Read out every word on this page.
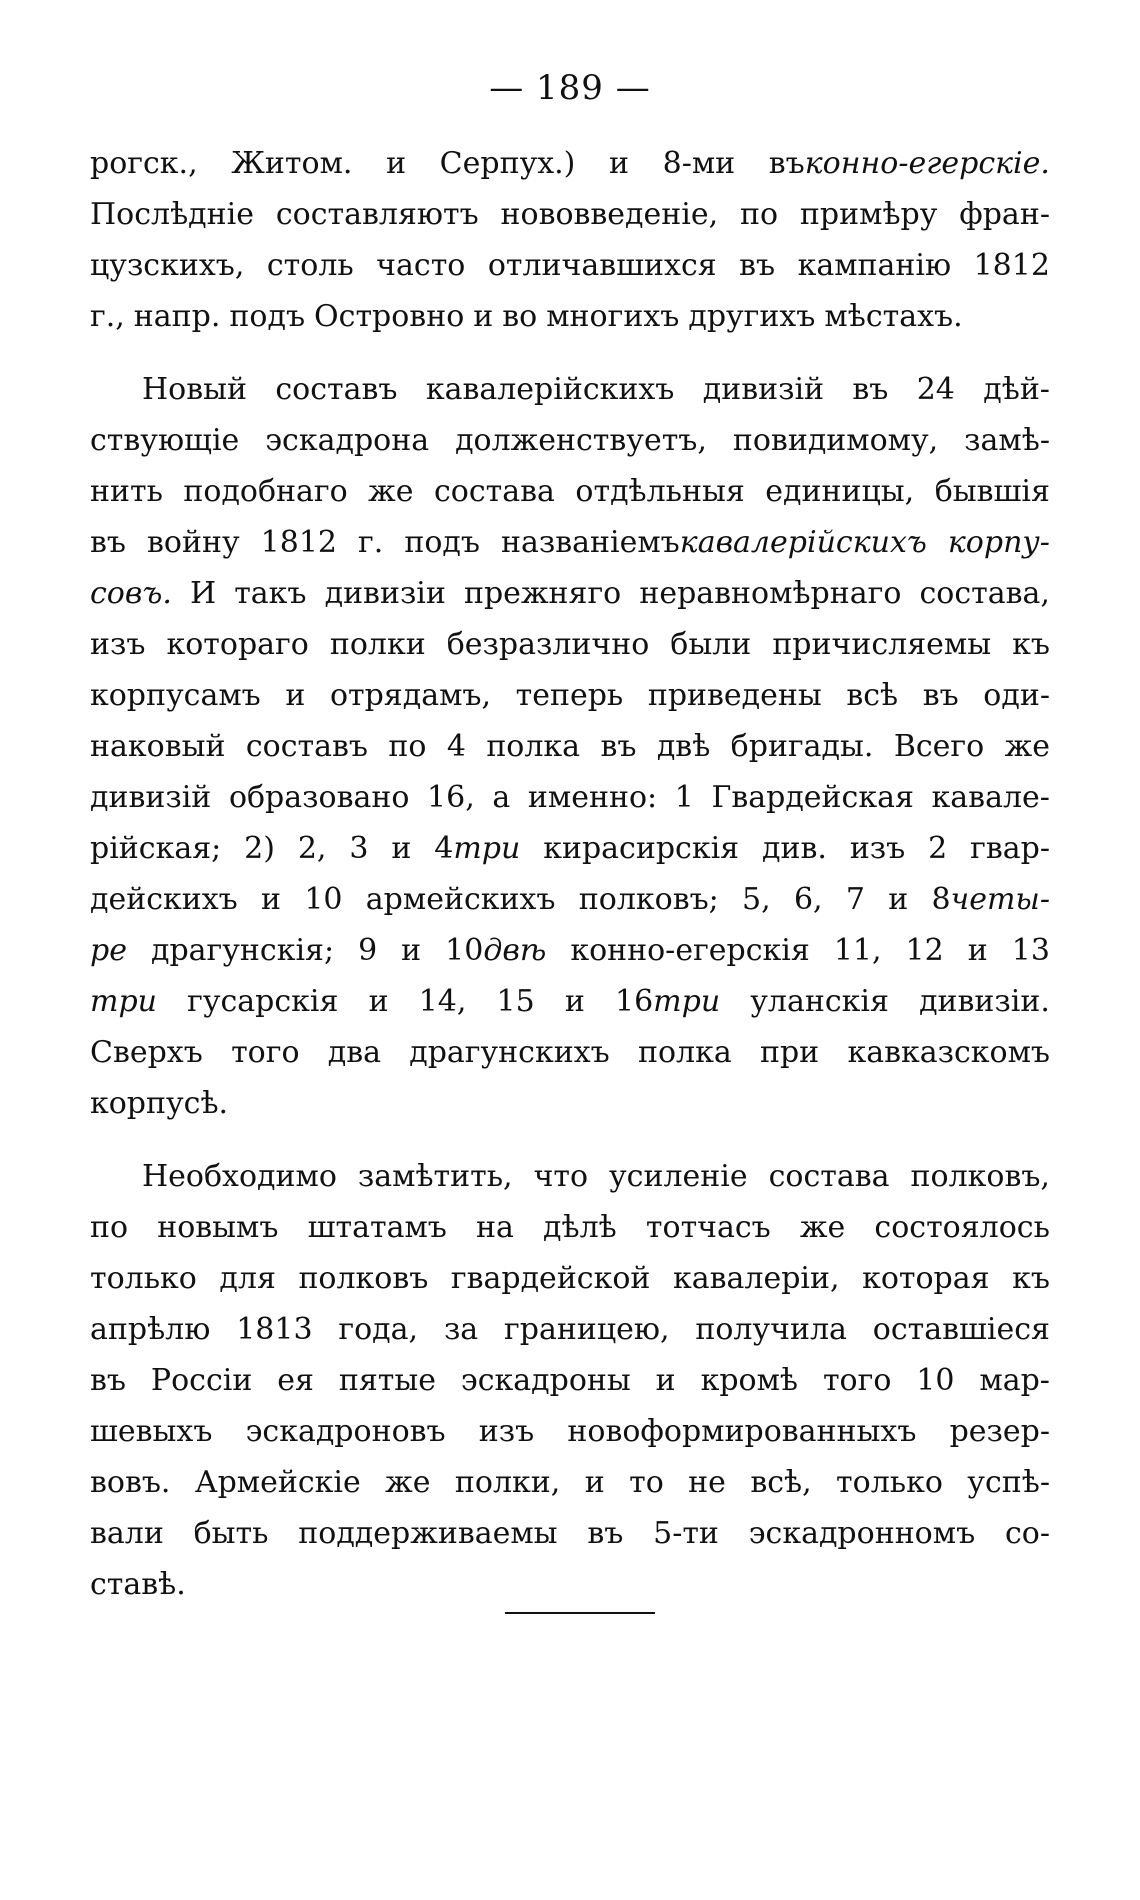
— 189 —
рогск., Житом. и Серпух.) и 8-ми въконно-егерскіе.
Послѣдніе составляютъ нововведеніе, по примѣру фран-
цузскихъ, столь часто отличавшихся въ кампанію 1812
г., напр. подъ Островно и во многихъ другихъ мѣстахъ.
Новый составъ кавалерійскихъ дивизій въ 24 дѣй-
ствующіе эскадрона долженствуетъ, повидимому, замѣ-
нить подобнаго же состава отдѣльныя единицы, бывшія
въ войну 1812 г. подъ названіемъкавалерійскихъ корпу-
совъ. И такъ дивизіи прежняго неравномѣрнаго состава,
изъ котораго полки безразлично были причисляемы къ
корпусамъ и отрядамъ, теперь приведены всѣ въ оди-
наковый составъ по 4 полка въ двѣ бригады. Всего же
дивизій образовано 16, а именно: 1 Гвардейская кавале-
рійская; 2) 2, 3 и 4три кирасирскія див. изъ 2 гвар-
дейскихъ и 10 армейскихъ полковъ; 5, 6, 7 и 8четы-
ре драгунскія; 9 и 10двѣ конно-егерскія 11, 12 и 13
три гусарскія и 14, 15 и 16три уланскія дивизіи.
Сверхъ того два драгунскихъ полка при кавказскомъ
корпусѣ.
Необходимо замѣтить, что усиленіе состава полковъ,
по новымъ штатамъ на дѣлѣ тотчасъ же состоялось
только для полковъ гвардейской кавалеріи, которая къ
апрѣлю 1813 года, за границею, получила оставшіеся
въ Россіи ея пятые эскадроны и кромѣ того 10 мар-
шевыхъ эскадроновъ изъ новоформированныхъ резер-
вовъ. Армейскіе же полки, и то не всѣ, только успѣ-
вали быть поддерживаемы въ 5-ти эскадронномъ со-
ставѣ.
